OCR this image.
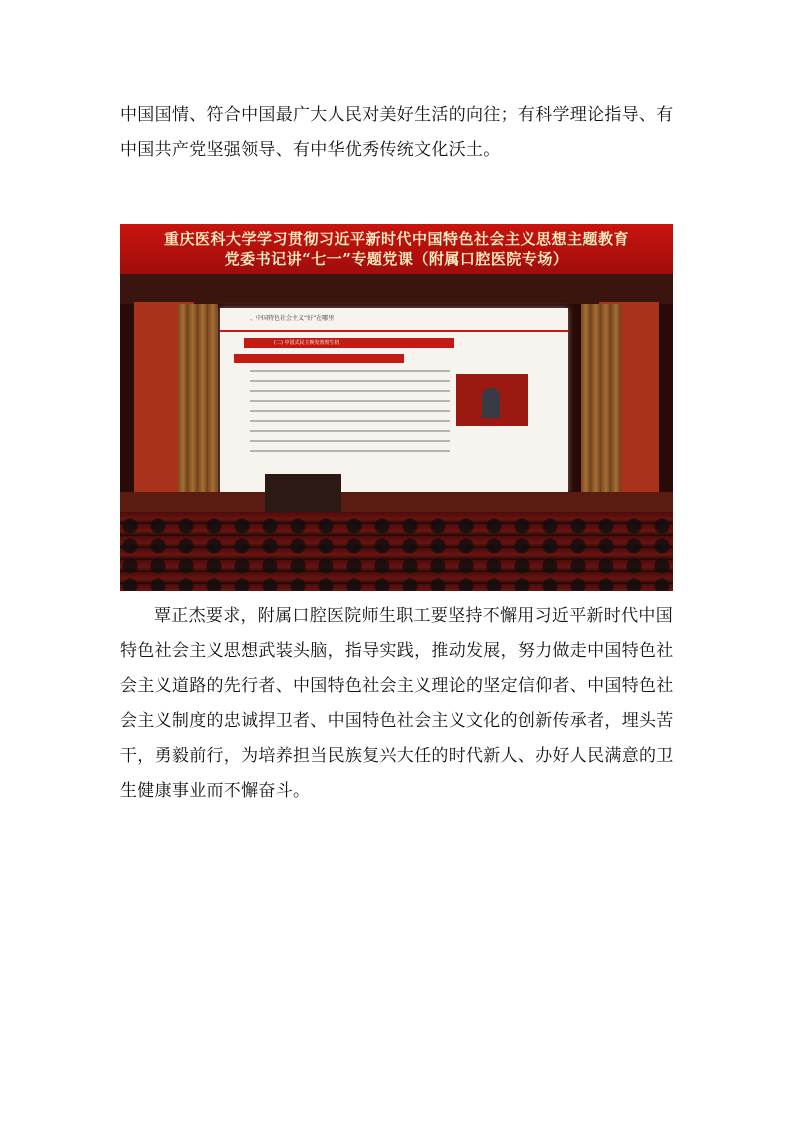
中国国情、符合中国最广大人民对美好生活的向往；有科学理论指导、有中国共产党坚强领导、有中华优秀传统文化沃土。

重庆医科大学学习贯彻习近平新时代中国特色社会主义思想主题教育
党委书记讲“七一”专题党课（附属口腔医院专场）
、中国特色社会主义“好”在哪里
(二) 中国式民主焕发勃勃生机

覃正杰要求，附属口腔医院师生职工要坚持不懈用习近平新时代中国特色社会主义思想武装头脑，指导实践，推动发展，努力做走中国特色社会主义道路的先行者、中国特色社会主义理论的坚定信仰者、中国特色社会主义制度的忠诚捍卫者、中国特色社会主义文化的创新传承者，埋头苦干，勇毅前行，为培养担当民族复兴大任的时代新人、办好人民满意的卫生健康事业而不懈奋斗。
